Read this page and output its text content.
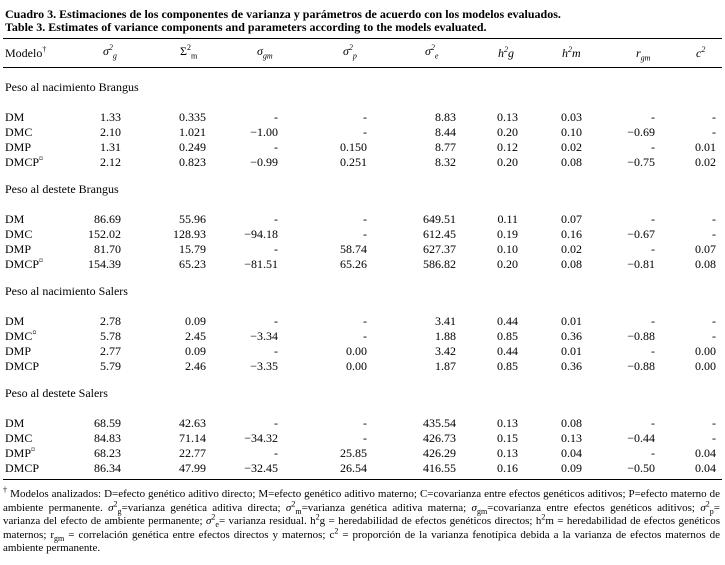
Cuadro 3. Estimaciones de los componentes de varianza y parámetros de acuerdo con los modelos evaluados.
Table 3. Estimates of variance components and parameters according to the models evaluated.
Modelo†	$\sigma^2_g$	$\Sigma^2_m$	$\sigma_{gm}$	$\sigma^2_p$	$\sigma^2_e$	$h^2g$	$h^2m$	$r_{gm}$	$c^2$
Peso al nacimiento Brangus
DM	1.33	0.335	-	-	8.83	0.13	0.03	-	-
DMC	2.10	1.021	−1.00	-	8.44	0.20	0.10	−0.69	-
DMP	1.31	0.249	-	0.150	8.77	0.12	0.02	-	0.01
DMCP¤	2.12	0.823	−0.99	0.251	8.32	0.20	0.08	−0.75	0.02
Peso al destete Brangus
DM	86.69	55.96	-	-	649.51	0.11	0.07	-	-
DMC	152.02	128.93	−94.18	-	612.45	0.19	0.16	−0.67	-
DMP	81.70	15.79	-	58.74	627.37	0.10	0.02	-	0.07
DMCP¤	154.39	65.23	−81.51	65.26	586.82	0.20	0.08	−0.81	0.08
Peso al nacimiento Salers
DM	2.78	0.09	-	-	3.41	0.44	0.01	-	-
DMC¤	5.78	2.45	−3.34	-	1.88	0.85	0.36	−0.88	-
DMP	2.77	0.09	-	0.00	3.42	0.44	0.01	-	0.00
DMCP	5.79	2.46	−3.35	0.00	1.87	0.85	0.36	−0.88	0.00
Peso al destete Salers
DM	68.59	42.63	-	-	435.54	0.13	0.08	-	-
DMC	84.83	71.14	−34.32	-	426.73	0.15	0.13	−0.44	-
DMP¤	68.23	22.77	-	25.85	426.29	0.13	0.04	-	0.04
DMCP	86.34	47.99	−32.45	26.54	416.55	0.16	0.09	−0.50	0.04
† Modelos analizados: D=efecto genético aditivo directo; M=efecto genético aditivo materno; C=covarianza entre efectos genéticos aditivos; P=efecto materno de ambiente permanente. $\sigma^2_g=varianza$ genética aditiva directa; $\sigma^2_m=varianza$ genética aditiva materna; $\sigma_{gm}=covarianza$ entre efectos genéticos aditivos; $\sigma^2_p=$ varianza del efecto de ambiente permanente; $\sigma^2_e=$ varianza residual. $h^2g$ = heredabilidad de efectos genéticos directos; $h^2m$ = heredabilidad de efectos genéticos maternos; $r_{gm}$ = correlación genética entre efectos directos y maternos; $c^2$ = proporción de la varianza fenotípica debida a la varianza de efectos maternos de ambiente permanente.
